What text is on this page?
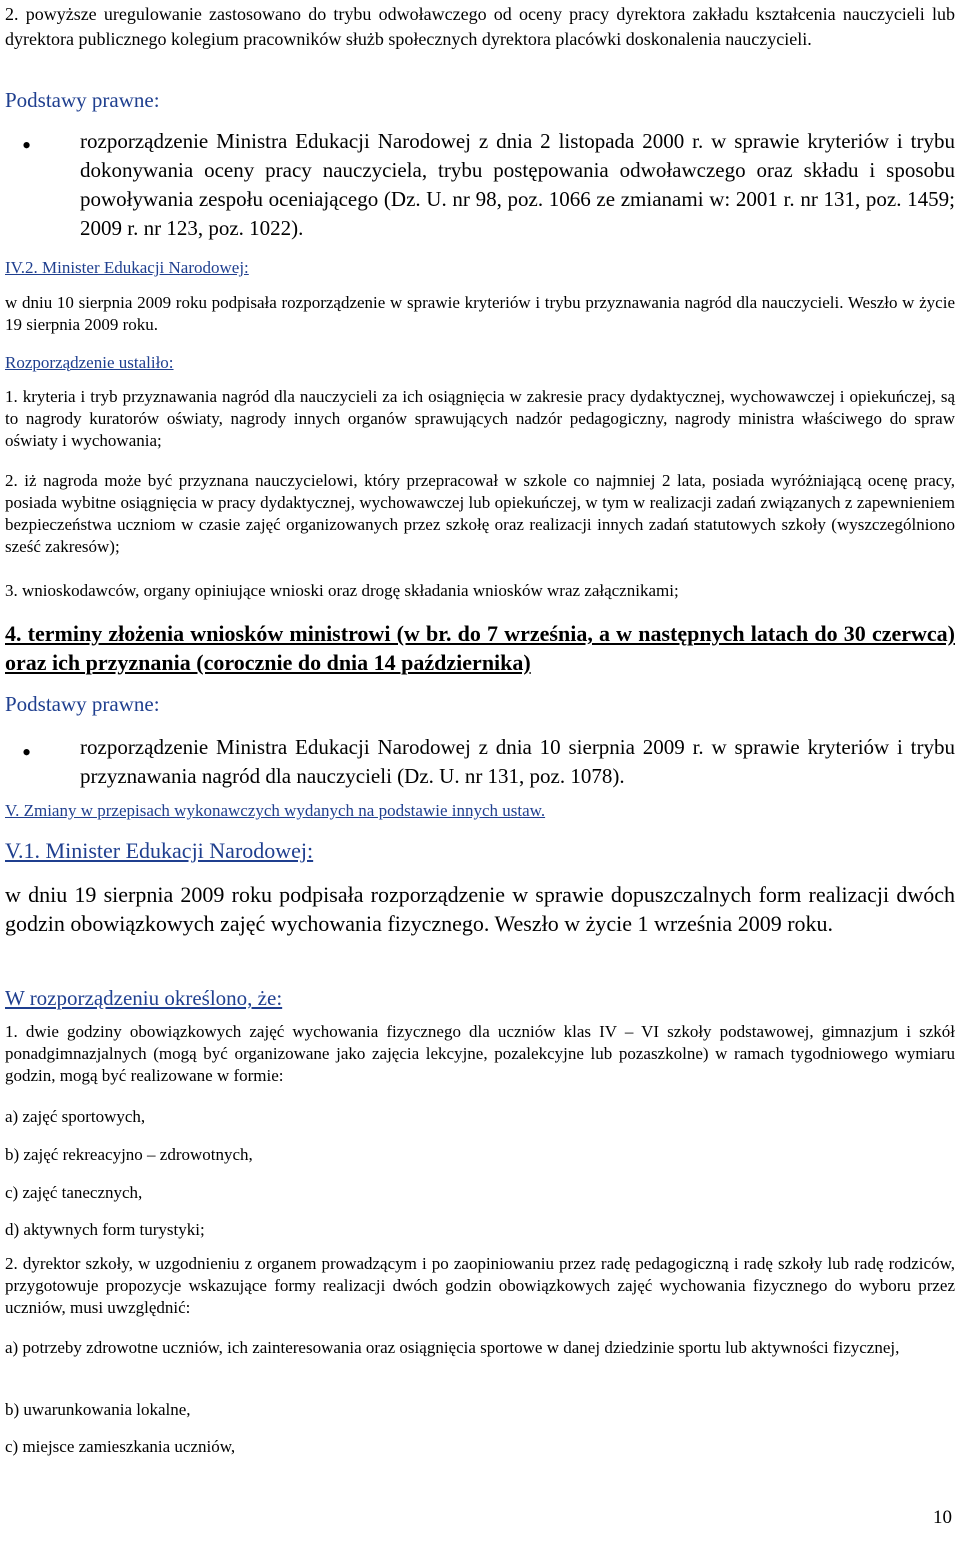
2. powyższe uregulowanie zastosowano do trybu odwoławczego od oceny pracy dyrektora zakładu kształcenia nauczycieli lub dyrektora publicznego kolegium pracowników służb społecznych dyrektora placówki doskonalenia nauczycieli.

Podstawy prawne:

• rozporządzenie Ministra Edukacji Narodowej z dnia 2 listopada 2000 r. w sprawie kryteriów i trybu dokonywania oceny pracy nauczyciela, trybu postępowania odwoławczego oraz składu i sposobu powoływania zespołu oceniającego (Dz. U. nr 98, poz. 1066 ze zmianami w: 2001 r. nr 131, poz. 1459; 2009 r. nr 123, poz. 1022).

IV.2. Minister Edukacji Narodowej:

w dniu 10 sierpnia 2009 roku podpisała rozporządzenie w sprawie kryteriów i trybu przyznawania nagród dla nauczycieli. Weszło w życie 19 sierpnia 2009 roku.

Rozporządzenie ustaliło:

1. kryteria i tryb przyznawania nagród dla nauczycieli za ich osiągnięcia w zakresie pracy dydaktycznej, wychowawczej i opiekuńczej, są to nagrody kuratorów oświaty, nagrody innych organów sprawujących nadzór pedagogiczny, nagrody ministra właściwego do spraw oświaty i wychowania;

2. iż nagroda może być przyznana nauczycielowi, który przepracował w szkole co najmniej 2 lata, posiada wyróżniającą ocenę pracy, posiada wybitne osiągnięcia w pracy dydaktycznej, wychowawczej lub opiekuńczej, w tym w realizacji zadań związanych z zapewnieniem bezpieczeństwa uczniom w czasie zajęć organizowanych przez szkołę oraz realizacji innych zadań statutowych szkoły (wyszczególniono sześć zakresów);

3. wnioskodawców, organy opiniujące wnioski oraz drogę składania wniosków wraz załącznikami;

4. terminy złożenia wniosków ministrowi (w br. do 7 września, a w następnych latach do 30 czerwca) oraz ich przyznania (corocznie do dnia 14 października)

Podstawy prawne:

• rozporządzenie Ministra Edukacji Narodowej z dnia 10 sierpnia 2009 r. w sprawie kryteriów i trybu przyznawania nagród dla nauczycieli (Dz. U. nr 131, poz. 1078).

V. Zmiany w przepisach wykonawczych wydanych na podstawie innych ustaw.

V.1. Minister Edukacji Narodowej:

w dniu 19 sierpnia 2009 roku podpisała rozporządzenie w sprawie dopuszczalnych form realizacji dwóch godzin obowiązkowych zajęć wychowania fizycznego. Weszło w życie 1 września 2009 roku.

W rozporządzeniu określono, że:

1. dwie godziny obowiązkowych zajęć wychowania fizycznego dla uczniów klas IV – VI szkoły podstawowej, gimnazjum i szkół ponadgimnazjalnych (mogą być organizowane jako zajęcia lekcyjne, pozalekcyjne lub pozaszkolne) w ramach tygodniowego wymiaru godzin, mogą być realizowane w formie:

a) zajęć sportowych,

b) zajęć rekreacyjno – zdrowotnych,

c) zajęć tanecznych,

d) aktywnych form turystyki;

2. dyrektor szkoły, w uzgodnieniu z organem prowadzącym i po zaopiniowaniu przez radę pedagogiczną i radę szkoły lub radę rodziców, przygotowuje propozycje wskazujące formy realizacji dwóch godzin obowiązkowych zajęć wychowania fizycznego do wyboru przez uczniów, musi uwzględnić:

a) potrzeby zdrowotne uczniów, ich zainteresowania oraz osiągnięcia sportowe w danej dziedzinie sportu lub aktywności fizycznej,

b) uwarunkowania lokalne,

c) miejsce zamieszkania uczniów,

10
